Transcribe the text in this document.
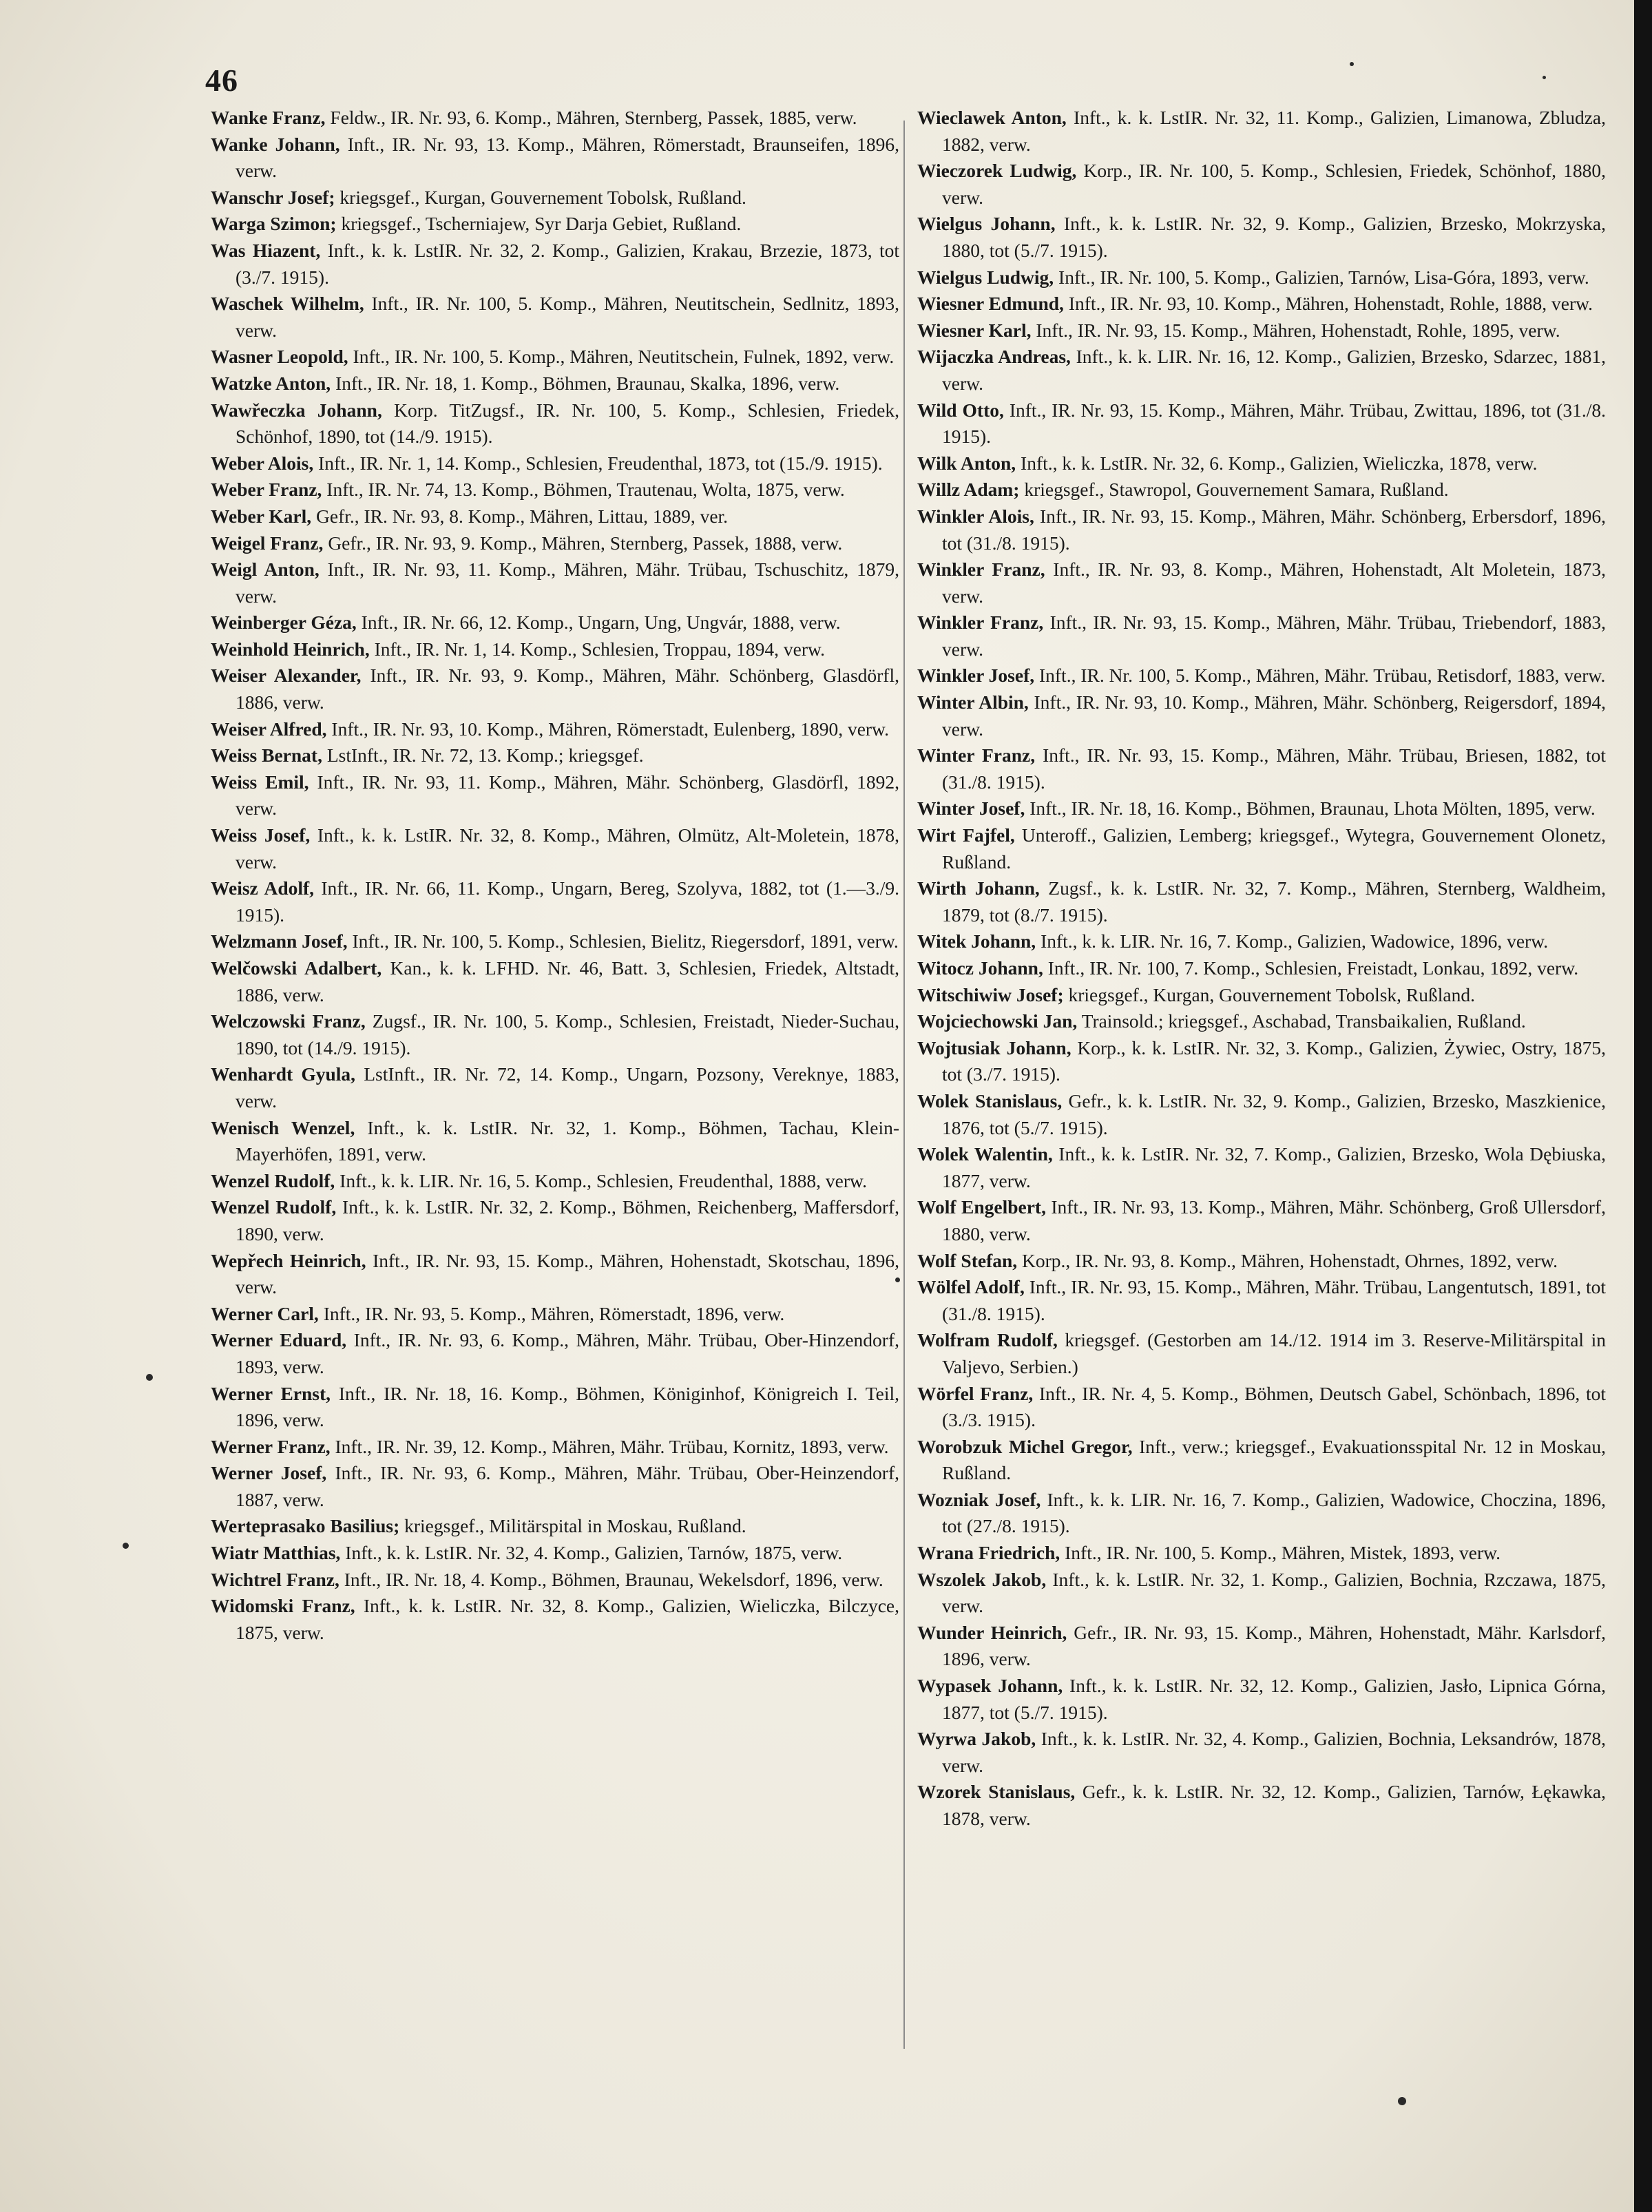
46

Wanke Franz, Feldw., IR. Nr. 93, 6. Komp., Mähren, Sternberg, Passek, 1885, verw.

Wanke Johann, Inft., IR. Nr. 93, 13. Komp., Mähren, Römerstadt, Braunseifen, 1896, verw.

Wanschr Josef; kriegsgef., Kurgan, Gouvernement Tobolsk, Rußland.

Warga Szimon; kriegsgef., Tscherniajew, Syr Darja Gebiet, Rußland.

Was Hiazent, Inft., k. k. LstIR. Nr. 32, 2. Komp., Galizien, Krakau, Brzezie, 1873, tot (3./7. 1915).

Waschek Wilhelm, Inft., IR. Nr. 100, 5. Komp., Mähren, Neutitschein, Sedlnitz, 1893, verw.

Wasner Leopold, Inft., IR. Nr. 100, 5. Komp., Mähren, Neutitschein, Fulnek, 1892, verw.

Watzke Anton, Inft., IR. Nr. 18, 1. Komp., Böhmen, Braunau, Skalka, 1896, verw.

Wawřeczka Johann, Korp. TitZugsf., IR. Nr. 100, 5. Komp., Schlesien, Friedek, Schönhof, 1890, tot (14./9. 1915).

Weber Alois, Inft., IR. Nr. 1, 14. Komp., Schlesien, Freudenthal, 1873, tot (15./9. 1915).

Weber Franz, Inft., IR. Nr. 74, 13. Komp., Böhmen, Trautenau, Wolta, 1875, verw.

Weber Karl, Gefr., IR. Nr. 93, 8. Komp., Mähren, Littau, 1889, ver.

Weigel Franz, Gefr., IR. Nr. 93, 9. Komp., Mähren, Sternberg, Passek, 1888, verw.

Weigl Anton, Inft., IR. Nr. 93, 11. Komp., Mähren, Mähr. Trübau, Tschuschitz, 1879, verw.

Weinberger Géza, Inft., IR. Nr. 66, 12. Komp., Ungarn, Ung, Ungvár, 1888, verw.

Weinhold Heinrich, Inft., IR. Nr. 1, 14. Komp., Schlesien, Troppau, 1894, verw.

Weiser Alexander, Inft., IR. Nr. 93, 9. Komp., Mähren, Mähr. Schönberg, Glasdörfl, 1886, verw.

Weiser Alfred, Inft., IR. Nr. 93, 10. Komp., Mähren, Römerstadt, Eulenberg, 1890, verw.

Weiss Bernat, LstInft., IR. Nr. 72, 13. Komp.; kriegsgef.

Weiss Emil, Inft., IR. Nr. 93, 11. Komp., Mähren, Mähr. Schönberg, Glasdörfl, 1892, verw.

Weiss Josef, Inft., k. k. LstIR. Nr. 32, 8. Komp., Mähren, Olmütz, Alt-Moletein, 1878, verw.

Weisz Adolf, Inft., IR. Nr. 66, 11. Komp., Ungarn, Bereg, Szolyva, 1882, tot (1.—3./9. 1915).

Welzmann Josef, Inft., IR. Nr. 100, 5. Komp., Schlesien, Bielitz, Riegersdorf, 1891, verw.

Welčowski Adalbert, Kan., k. k. LFHD. Nr. 46, Batt. 3, Schlesien, Friedek, Altstadt, 1886, verw.

Welczowski Franz, Zugsf., IR. Nr. 100, 5. Komp., Schlesien, Freistadt, Nieder-Suchau, 1890, tot (14./9. 1915).

Wenhardt Gyula, LstInft., IR. Nr. 72, 14. Komp., Ungarn, Pozsony, Vereknye, 1883, verw.

Wenisch Wenzel, Inft., k. k. LstIR. Nr. 32, 1. Komp., Böhmen, Tachau, Klein-Mayerhöfen, 1891, verw.

Wenzel Rudolf, Inft., k. k. LIR. Nr. 16, 5. Komp., Schlesien, Freudenthal, 1888, verw.

Wenzel Rudolf, Inft., k. k. LstIR. Nr. 32, 2. Komp., Böhmen, Reichenberg, Maffersdorf, 1890, verw.

Wepřech Heinrich, Inft., IR. Nr. 93, 15. Komp., Mähren, Hohenstadt, Skotschau, 1896, verw.

Werner Carl, Inft., IR. Nr. 93, 5. Komp., Mähren, Römerstadt, 1896, verw.

Werner Eduard, Inft., IR. Nr. 93, 6. Komp., Mähren, Mähr. Trübau, Ober-Hinzendorf, 1893, verw.

Werner Ernst, Inft., IR. Nr. 18, 16. Komp., Böhmen, Königinhof, Königreich I. Teil, 1896, verw.

Werner Franz, Inft., IR. Nr. 39, 12. Komp., Mähren, Mähr. Trübau, Kornitz, 1893, verw.

Werner Josef, Inft., IR. Nr. 93, 6. Komp., Mähren, Mähr. Trübau, Ober-Heinzendorf, 1887, verw.

Werteprasako Basilius; kriegsgef., Militärspital in Moskau, Rußland.

Wiatr Matthias, Inft., k. k. LstIR. Nr. 32, 4. Komp., Galizien, Tarnów, 1875, verw.

Wichtrel Franz, Inft., IR. Nr. 18, 4. Komp., Böhmen, Braunau, Wekelsdorf, 1896, verw.

Widomski Franz, Inft., k. k. LstIR. Nr. 32, 8. Komp., Galizien, Wieliczka, Bilczyce, 1875, verw.

Wieclawek Anton, Inft., k. k. LstIR. Nr. 32, 11. Komp., Galizien, Limanowa, Zbludza, 1882, verw.

Wieczorek Ludwig, Korp., IR. Nr. 100, 5. Komp., Schlesien, Friedek, Schönhof, 1880, verw.

Wielgus Johann, Inft., k. k. LstIR. Nr. 32, 9. Komp., Galizien, Brzesko, Mokrzyska, 1880, tot (5./7. 1915).

Wielgus Ludwig, Inft., IR. Nr. 100, 5. Komp., Galizien, Tarnów, Lisa-Góra, 1893, verw.

Wiesner Edmund, Inft., IR. Nr. 93, 10. Komp., Mähren, Hohenstadt, Rohle, 1888, verw.

Wiesner Karl, Inft., IR. Nr. 93, 15. Komp., Mähren, Hohenstadt, Rohle, 1895, verw.

Wijaczka Andreas, Inft., k. k. LIR. Nr. 16, 12. Komp., Galizien, Brzesko, Sdarzec, 1881, verw.

Wild Otto, Inft., IR. Nr. 93, 15. Komp., Mähren, Mähr. Trübau, Zwittau, 1896, tot (31./8. 1915).

Wilk Anton, Inft., k. k. LstIR. Nr. 32, 6. Komp., Galizien, Wieliczka, 1878, verw.

Willz Adam; kriegsgef., Stawropol, Gouvernement Samara, Rußland.

Winkler Alois, Inft., IR. Nr. 93, 15. Komp., Mähren, Mähr. Schönberg, Erbersdorf, 1896, tot (31./8. 1915).

Winkler Franz, Inft., IR. Nr. 93, 8. Komp., Mähren, Hohenstadt, Alt Moletein, 1873, verw.

Winkler Franz, Inft., IR. Nr. 93, 15. Komp., Mähren, Mähr. Trübau, Triebendorf, 1883, verw.

Winkler Josef, Inft., IR. Nr. 100, 5. Komp., Mähren, Mähr. Trübau, Retisdorf, 1883, verw.

Winter Albin, Inft., IR. Nr. 93, 10. Komp., Mähren, Mähr. Schönberg, Reigersdorf, 1894, verw.

Winter Franz, Inft., IR. Nr. 93, 15. Komp., Mähren, Mähr. Trübau, Briesen, 1882, tot (31./8. 1915).

Winter Josef, Inft., IR. Nr. 18, 16. Komp., Böhmen, Braunau, Lhota Mölten, 1895, verw.

Wirt Fajfel, Unteroff., Galizien, Lemberg; kriegsgef., Wytegra, Gouvernement Olonetz, Rußland.

Wirth Johann, Zugsf., k. k. LstIR. Nr. 32, 7. Komp., Mähren, Sternberg, Waldheim, 1879, tot (8./7. 1915).

Witek Johann, Inft., k. k. LIR. Nr. 16, 7. Komp., Galizien, Wadowice, 1896, verw.

Witocz Johann, Inft., IR. Nr. 100, 7. Komp., Schlesien, Freistadt, Lonkau, 1892, verw.

Witschiwiw Josef; kriegsgef., Kurgan, Gouvernement Tobolsk, Rußland.

Wojciechowski Jan, Trainsold.; kriegsgef., Aschabad, Transbaikalien, Rußland.

Wojtusiak Johann, Korp., k. k. LstIR. Nr. 32, 3. Komp., Galizien, Żywiec, Ostry, 1875, tot (3./7. 1915).

Wolek Stanislaus, Gefr., k. k. LstIR. Nr. 32, 9. Komp., Galizien, Brzesko, Maszkienice, 1876, tot (5./7. 1915).

Wolek Walentin, Inft., k. k. LstIR. Nr. 32, 7. Komp., Galizien, Brzesko, Wola Dębiuska, 1877, verw.

Wolf Engelbert, Inft., IR. Nr. 93, 13. Komp., Mähren, Mähr. Schönberg, Groß Ullersdorf, 1880, verw.

Wolf Stefan, Korp., IR. Nr. 93, 8. Komp., Mähren, Hohenstadt, Ohrnes, 1892, verw.

Wölfel Adolf, Inft., IR. Nr. 93, 15. Komp., Mähren, Mähr. Trübau, Langentutsch, 1891, tot (31./8. 1915).

Wolfram Rudolf, kriegsgef. (Gestorben am 14./12. 1914 im 3. Reserve-Militärspital in Valjevo, Serbien.)

Wörfel Franz, Inft., IR. Nr. 4, 5. Komp., Böhmen, Deutsch Gabel, Schönbach, 1896, tot (3./3. 1915).

Worobzuk Michel Gregor, Inft., verw.; kriegsgef., Evakuationsspital Nr. 12 in Moskau, Rußland.

Wozniak Josef, Inft., k. k. LIR. Nr. 16, 7. Komp., Galizien, Wadowice, Choczina, 1896, tot (27./8. 1915).

Wrana Friedrich, Inft., IR. Nr. 100, 5. Komp., Mähren, Mistek, 1893, verw.

Wszolek Jakob, Inft., k. k. LstIR. Nr. 32, 1. Komp., Galizien, Bochnia, Rzczawa, 1875, verw.

Wunder Heinrich, Gefr., IR. Nr. 93, 15. Komp., Mähren, Hohenstadt, Mähr. Karlsdorf, 1896, verw.

Wypasek Johann, Inft., k. k. LstIR. Nr. 32, 12. Komp., Galizien, Jasło, Lipnica Górna, 1877, tot (5./7. 1915).

Wyrwa Jakob, Inft., k. k. LstIR. Nr. 32, 4. Komp., Galizien, Bochnia, Leksandrów, 1878, verw.

Wzorek Stanislaus, Gefr., k. k. LstIR. Nr. 32, 12. Komp., Galizien, Tarnów, Łękawka, 1878, verw.
